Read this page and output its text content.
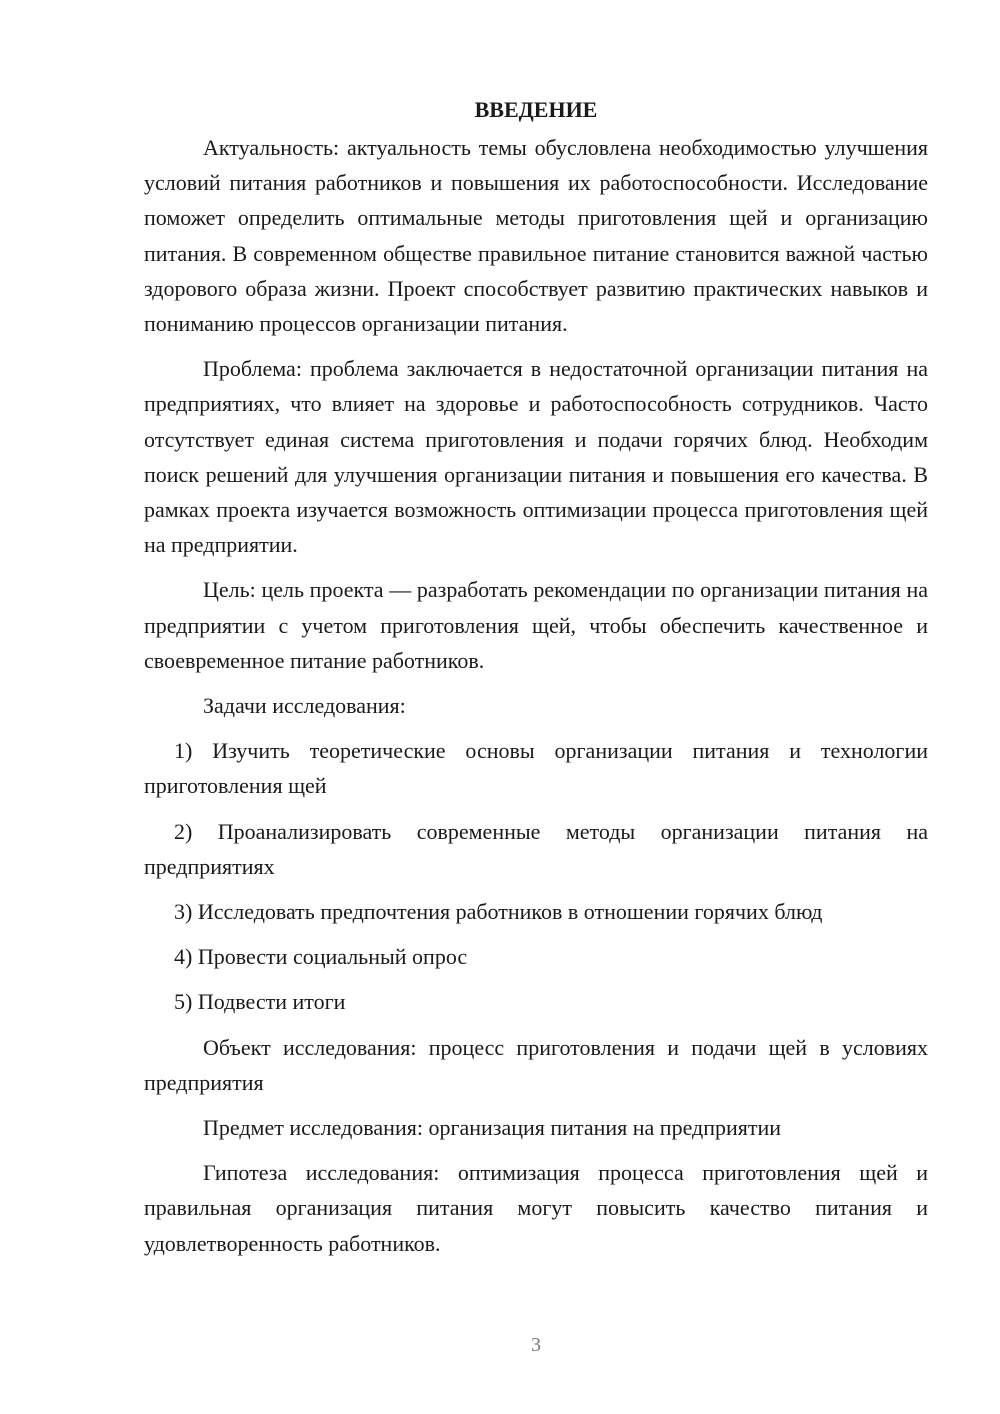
ВВЕДЕНИЕ

Актуальность: актуальность темы обусловлена необходимостью улучшения условий питания работников и повышения их работоспособности. Исследование поможет определить оптимальные методы приготовления щей и организацию питания. В современном обществе правильное питание становится важной частью здорового образа жизни. Проект способствует развитию практических навыков и пониманию процессов организации питания.

Проблема: проблема заключается в недостаточной организации питания на предприятиях, что влияет на здоровье и работоспособность сотрудников. Часто отсутствует единая система приготовления и подачи горячих блюд. Необходим поиск решений для улучшения организации питания и повышения его качества. В рамках проекта изучается возможность оптимизации процесса приготовления щей на предприятии.

Цель: цель проекта — разработать рекомендации по организации питания на предприятии с учетом приготовления щей, чтобы обеспечить качественное и своевременное питание работников.

Задачи исследования:

1) Изучить теоретические основы организации питания и технологии приготовления щей

2) Проанализировать современные методы организации питания на предприятиях

3) Исследовать предпочтения работников в отношении горячих блюд

4) Провести социальный опрос

5) Подвести итоги

Объект исследования: процесс приготовления и подачи щей в условиях предприятия

Предмет исследования: организация питания на предприятии

Гипотеза исследования: оптимизация процесса приготовления щей и правильная организация питания могут повысить качество питания и удовлетворенность работников.

3
